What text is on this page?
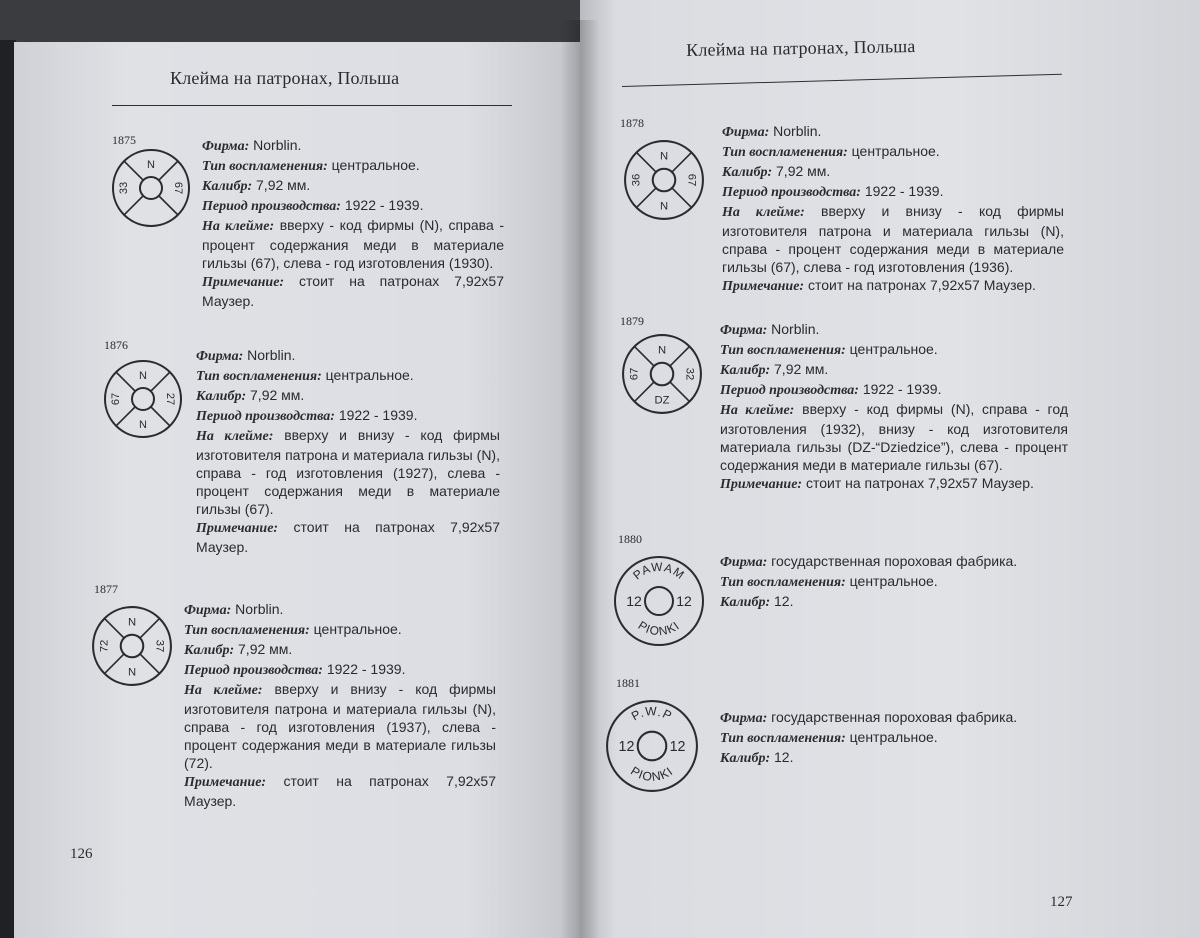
Клейма на патронах, Польша
Клейма на патронах, Польша
1875
N
67
33

Фирма: Norblin.

Тип воспламенения: центральное.

Калибр: 7,92 мм.

Период производства: 1922 - 1939.

На клейме: вверху - код фирмы (N), справа - процент содержания меди в материале гильзы (67), слева - год изготовления (1930).

Примечание: стоит на патронах 7,92x57 Маузер.

1876
N
27
N
67

Фирма: Norblin.

Тип воспламенения: центральное.

Калибр: 7,92 мм.

Период производства: 1922 - 1939.

На клейме: вверху и внизу - код фирмы изготовителя патрона и материала гильзы (N), справа - год изготовления (1927), слева - процент содержания меди в материале гильзы (67).

Примечание: стоит на патронах 7,92x57 Маузер.

1877
N
37
N
72

Фирма: Norblin.

Тип воспламенения: центральное.

Калибр: 7,92 мм.

Период производства: 1922 - 1939.

На клейме: вверху и внизу - код фирмы изготовителя патрона и материала гильзы (N), справа - год изготовления (1937), слева - процент содержания меди в материале гильзы (72).

Примечание: стоит на патронах 7,92x57 Маузер.

126
1878
N
67
N
36

Фирма: Norblin.

Тип воспламенения: центральное.

Калибр: 7,92 мм.

Период производства: 1922 - 1939.

На клейме: вверху и внизу - код фирмы изготовителя патрона и материала гильзы (N), справа - процент содержания меди в материале гильзы (67), слева - год изготовления (1936).

Примечание: стоит на патронах 7,92x57 Маузер.

1879
N
32
DZ
67

Фирма: Norblin.

Тип воспламенения: центральное.

Калибр: 7,92 мм.

Период производства: 1922 - 1939.

На клейме: вверху - код фирмы (N), справа - год изготовления (1932), внизу - код изготовителя материала гильзы (DZ-“Dziedzice”), слева - процент содержания меди в материале гильзы (67).

Примечание: стоит на патронах 7,92x57 Маузер.

1880
PAWAM
PIONKI
12 12

Фирма: государственная пороховая фабрика.

Тип воспламенения: центральное.

Калибр: 12.

1881
P.W.P
PIONKI
12	12

Фирма: государственная пороховая фабрика.

Тип воспламенения: центральное.

Калибр: 12.

127
